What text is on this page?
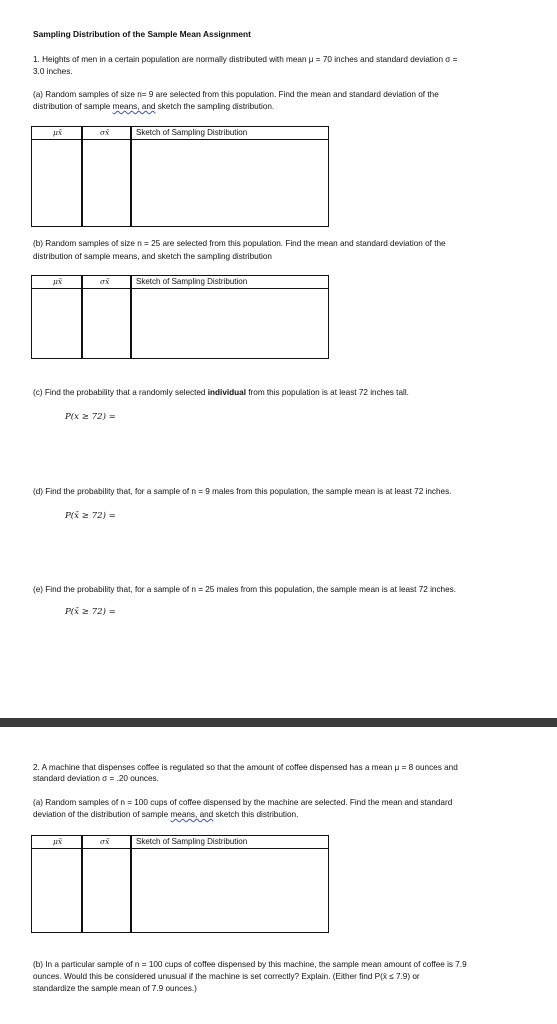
Sampling Distribution of the Sample Mean Assignment
1. Heights of men in a certain population are normally distributed with mean μ = 70 inches and standard deviation σ =
3.0 inches.
(a) Random samples of size n= 9 are selected from this population. Find the mean and standard deviation of the
distribution of sample means, and sketch the sampling distribution.
μx̄	σx̄	Sketch of Sampling Distribution
(b) Random samples of size n = 25 are selected from this population. Find the mean and standard deviation of the
distribution of sample means, and sketch the sampling distribution
μx̄	σx̄	Sketch of Sampling Distribution
(c) Find the probability that a randomly selected individual from this population is at least 72 inches tall.
P(x ≥ 72) =
(d) Find the probability that, for a sample of n = 9 males from this population, the sample mean is at least 72 inches.
P(x̄ ≥ 72) =
(e) Find the probability that, for a sample of n = 25 males from this population, the sample mean is at least 72 inches.
P(x̄ ≥ 72) =
2. A machine that dispenses coffee is regulated so that the amount of coffee dispensed has a mean μ = 8 ounces and
standard deviation σ = .20 ounces.
(a) Random samples of n = 100 cups of coffee dispensed by the machine are selected. Find the mean and standard
deviation of the distribution of sample means, and sketch this distribution.
μx̄	σx̄	Sketch of Sampling Distribution
(b) In a particular sample of n = 100 cups of coffee dispensed by this machine, the sample mean amount of coffee is 7.9
ounces. Would this be considered unusual if the machine is set correctly? Explain. (Either find P(x̄ ≤ 7.9) or
standardize the sample mean of 7.9 ounces.)
